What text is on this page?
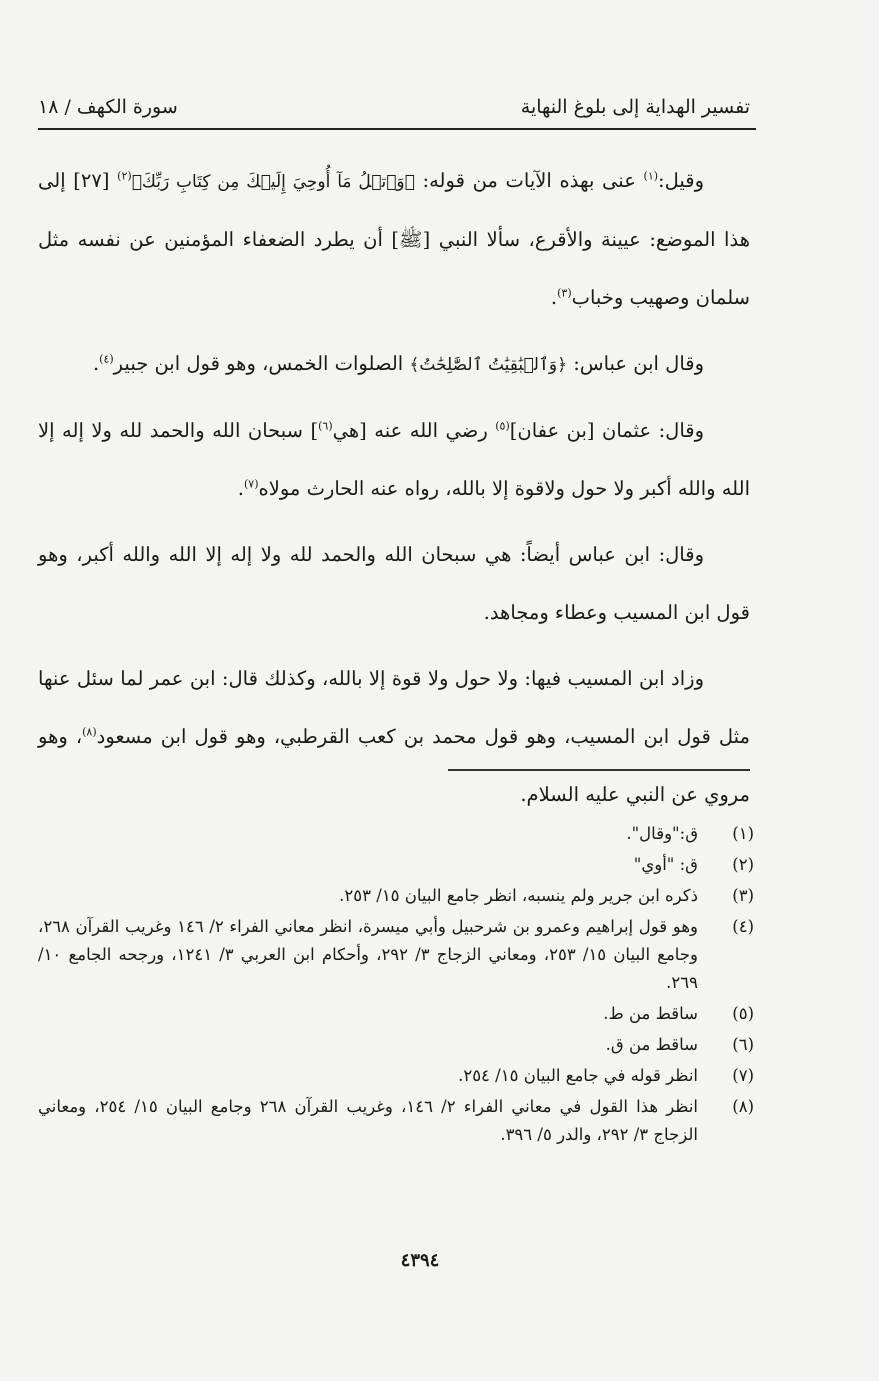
تفسير الهداية إلى بلوغ النهاية
سورة الكهف / ١٨

وقيل:$^{(١)}$ عنى بهذه الآيات من قوله: ﴿وَٱتۡلُ مَآ أُوحِيَ إِلَيۡكَ مِن كِتَابِ رَبِّكَ﴾$^{(٢)}$ [٢٧] إلى هذا الموضع: عيينة والأقرع، سألا النبي [ﷺ] أن يطرد الضعفاء المؤمنين عن نفسه مثل سلمان وصهيب وخباب$^{(٣)}$.

وقال ابن عباس: ﴿وَٱلۡبَٰقِيَٰتُ ٱلصَّٰلِحَٰتُ﴾ الصلوات الخمس، وهو قول ابن جبير$^{(٤)}$.

وقال: عثمان [بن عفان]$^{(٥)}$ رضي الله عنه [هي$^{(٦)}$] سبحان الله والحمد لله ولا إله إلا الله والله أكبر ولا حول ولاقوة إلا بالله، رواه عنه الحارث مولاه$^{(٧)}$.

وقال: ابن عباس أيضاً: هي سبحان الله والحمد لله ولا إله إلا الله والله أكبر، وهو قول ابن المسيب وعطاء ومجاهد.

وزاد ابن المسيب فيها: ولا حول ولا قوة إلا بالله، وكذلك قال: ابن عمر لما سئل عنها مثل قول ابن المسيب، وهو قول محمد بن كعب القرطبي، وهو قول ابن مسعود$^{(٨)}$، وهو مروي عن النبي عليه السلام.

(١)
ق:"وقال".
(٢)
ق: "أوي"
(٣)
ذكره ابن جرير ولم ينسبه، انظر جامع البيان ١٥/ ٢٥٣.
(٤)
وهو قول إبراهيم وعمرو بن شرحبيل وأبي ميسرة، انظر معاني الفراء ٢/ ١٤٦ وغريب القرآن ٢٦٨، وجامع البيان ١٥/ ٢٥٣، ومعاني الزجاج ٣/ ٢٩٢، وأحكام ابن العربي ٣/ ١٢٤١، ورجحه الجامع ١٠/ ٢٦٩.
(٥)
ساقط من ط.
(٦)
ساقط من ق.
(٧)
انظر قوله في جامع البيان ١٥/ ٢٥٤.
(٨)
انظر هذا القول في معاني الفراء ٢/ ١٤٦، وغريب القرآن ٢٦٨ وجامع البيان ١٥/ ٢٥٤، ومعاني الزجاج ٣/ ٢٩٢، والدر ٥/ ٣٩٦.
٤٣٩٤
